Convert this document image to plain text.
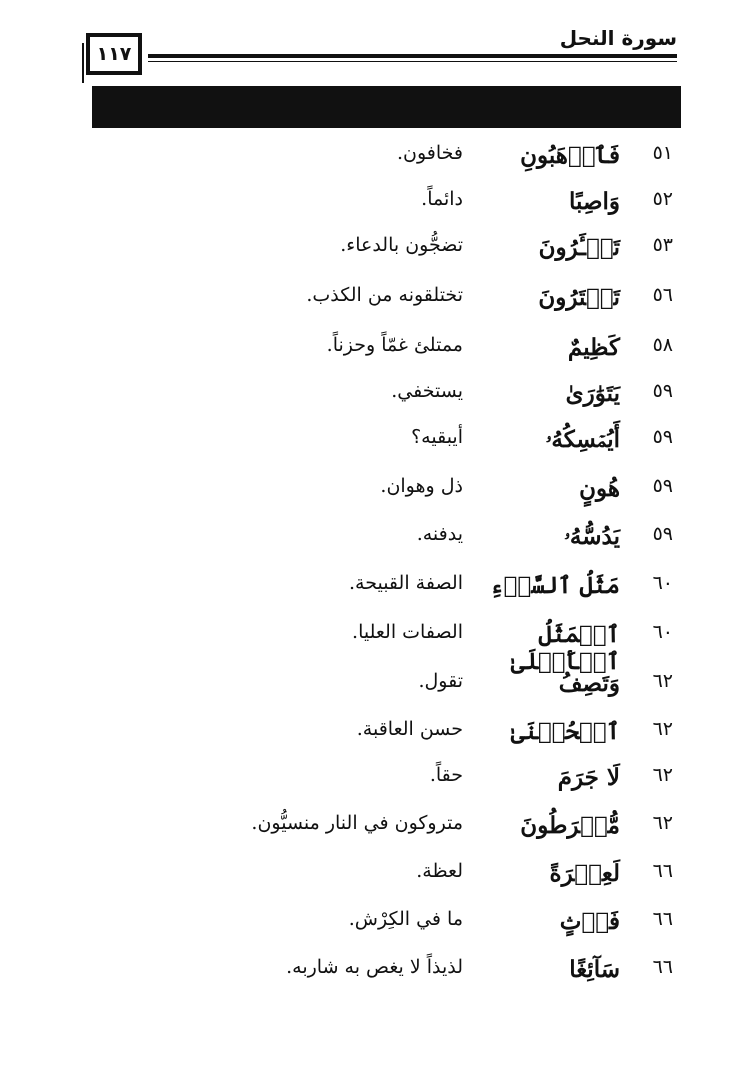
سورة النحل
١١٧
٥١
فَٱرۡهَبُونِ
فخافون.
٥٢
وَاصِبًا
دائماً.
٥٣
تَجۡـَٔرُونَ
تضجُّون بالدعاء.
٥٦
تَفۡتَرُونَ
تختلقونه من الكذب.
٥٨
كَظِيمٌ
ممتلئ غمّاً وحزناً.
٥٩
يَتَوَٰرَىٰ
يستخفي.
٥٩
أَيُمۡسِكُهُۥ
أيبقيه؟
٥٩
هُونٍ
ذل وهوان.
٥٩
يَدُسُّهُۥ
يدفنه.
٦٠
مَثَلُ ٱلسَّوۡءِ
الصفة القبيحة.
٦٠
ٱلۡمَثَلُ ٱلۡأَعۡلَىٰ
الصفات العليا.
٦٢
وَتَصِفُ
تقول.
٦٢
ٱلۡحُسۡنَىٰ
حسن العاقبة.
٦٢
لَا جَرَمَ
حقاً.
٦٢
مُّفۡرَطُونَ
متروكون في النار منسيُّون.
٦٦
لَعِبۡرَةً
لعظة.
٦٦
فَرۡثٍ
ما في الكِرْش.
٦٦
سَآئِغًا
لذيذاً لا يغص به شاربه.
